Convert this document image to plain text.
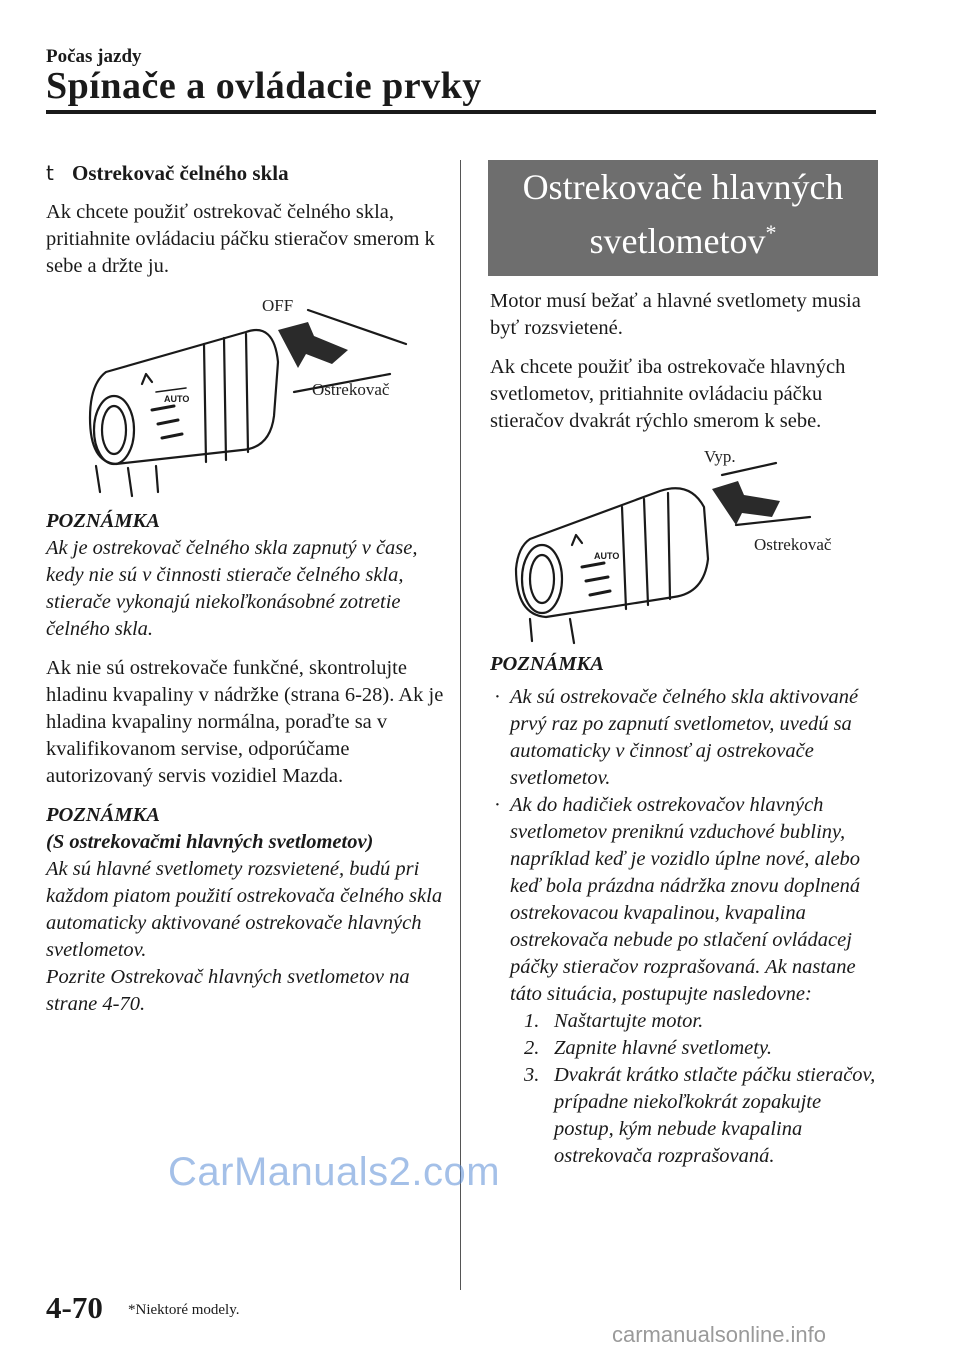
Počas jazdy
Spínače a ovládacie prvky
t Ostrekovač čelného skla

Ak chcete použiť ostrekovač čelného skla, pritiahnite ovládaciu páčku stieračov smerom k sebe a držte ju.

AUTO
OFF
Ostrekovač
POZNÁMKA
Ak je ostrekovač čelného skla zapnutý v čase, kedy nie sú v činnosti stierače čelného skla, stierače vykonajú niekoľkonásobné zotretie čelného skla.

Ak nie sú ostrekovače funkčné, skontrolujte hladinu kvapaliny v nádržke (strana 6-28). Ak je hladina kvapaliny normálna, poraďte sa v kvalifikovanom servise, odporúčame autorizovaný servis vozidiel Mazda.

POZNÁMKA
(S ostrekovačmi hlavných svetlometov)
Ak sú hlavné svetlomety rozsvietené, budú pri každom piatom použití ostrekovača čelného skla automaticky aktivované ostrekovače hlavných svetlometov.
Pozrite Ostrekovač hlavných svetlometov na strane 4-70.
Ostrekovače hlavných
svetlometov*

Motor musí bežať a hlavné svetlomety musia byť rozsvietené.

Ak chcete použiť iba ostrekovače hlavných svetlometov, pritiahnite ovládaciu páčku stieračov dvakrát rýchlo smerom k sebe.

AUTO
Vyp.
Ostrekovač
POZNÁMKA
· Ak sú ostrekovače čelného skla aktivované prvý raz po zapnutí svetlometov, uvedú sa automaticky v činnosť aj ostrekovače svetlometov.
· Ak do hadičiek ostrekovačov hlavných svetlometov preniknú vzduchové bubliny, napríklad keď je vozidlo úplne nové, alebo keď bola prázdna nádržka znovu doplnená ostrekovacou kvapalinou, kvapalina ostrekovača nebude po stlačení ovládacej páčky stieračov rozprašovaná. Ak nastane táto situácia, postupujte nasledovne:
1. Naštartujte motor.
2. Zapnite hlavné svetlomety.
3. Dvakrát krátko stlačte páčku stieračov, prípadne niekoľkokrát zopakujte postup, kým nebude kvapalina ostrekovača rozprašovaná.
4-70 *Niektoré modely.
CarManuals2.com
carmanualsonline.info
